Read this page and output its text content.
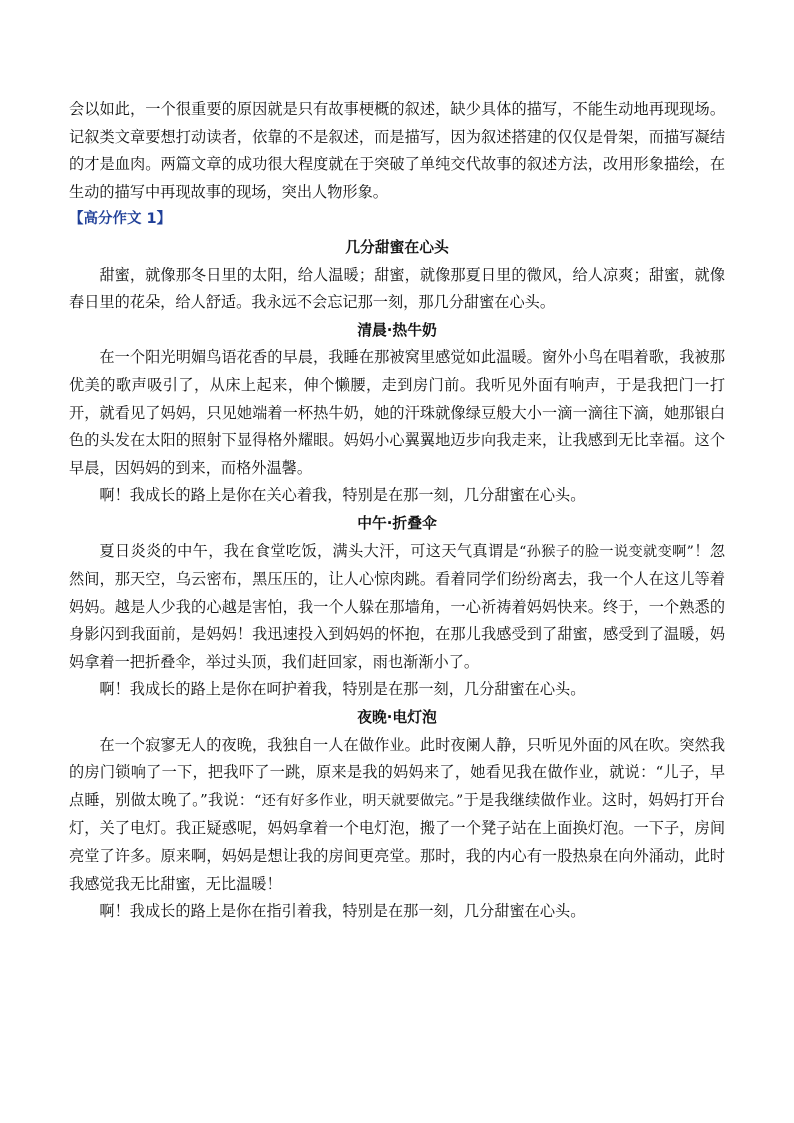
会以如此，一个很重要的原因就是只有故事梗概的叙述，缺少具体的描写，不能生动地再现现场。记叙类文章要想打动读者，依靠的不是叙述，而是描写，因为叙述搭建的仅仅是骨架，而描写凝结的才是血肉。两篇文章的成功很大程度就在于突破了单纯交代故事的叙述方法，改用形象描绘，在生动的描写中再现故事的现场，突出人物形象。

【高分作文 1】

几分甜蜜在心头

甜蜜，就像那冬日里的太阳，给人温暖；甜蜜，就像那夏日里的微风，给人凉爽；甜蜜，就像春日里的花朵，给人舒适。我永远不会忘记那一刻，那几分甜蜜在心头。

清晨·热牛奶

在一个阳光明媚鸟语花香的早晨，我睡在那被窝里感觉如此温暖。窗外小鸟在唱着歌，我被那优美的歌声吸引了，从床上起来，伸个懒腰，走到房门前。我听见外面有响声，于是我把门一打开，就看见了妈妈，只见她端着一杯热牛奶，她的汗珠就像绿豆般大小一滴一滴往下滴，她那银白色的头发在太阳的照射下显得格外耀眼。妈妈小心翼翼地迈步向我走来，让我感到无比幸福。这个早晨，因妈妈的到来，而格外温馨。

啊！我成长的路上是你在关心着我，特别是在那一刻，几分甜蜜在心头。

中午·折叠伞

夏日炎炎的中午，我在食堂吃饭，满头大汗，可这天气真谓是“孙猴子的脸一说变就变啊”！忽然间，那天空，乌云密布，黑压压的，让人心惊肉跳。看着同学们纷纷离去，我一个人在这儿等着妈妈。越是人少我的心越是害怕，我一个人躲在那墙角，一心祈祷着妈妈快来。终于，一个熟悉的身影闪到我面前，是妈妈！我迅速投入到妈妈的怀抱，在那儿我感受到了甜蜜，感受到了温暖，妈妈拿着一把折叠伞，举过头顶，我们赶回家，雨也渐渐小了。

啊！我成长的路上是你在呵护着我，特别是在那一刻，几分甜蜜在心头。

夜晚·电灯泡

在一个寂寥无人的夜晚，我独自一人在做作业。此时夜阑人静，只听见外面的风在吹。突然我的房门锁响了一下，把我吓了一跳，原来是我的妈妈来了，她看见我在做作业，就说：“儿子，早点睡，别做太晚了。”我说：“还有好多作业，明天就要做完。”于是我继续做作业。这时，妈妈打开台灯，关了电灯。我正疑惑呢，妈妈拿着一个电灯泡，搬了一个凳子站在上面换灯泡。一下子，房间亮堂了许多。原来啊，妈妈是想让我的房间更亮堂。那时，我的内心有一股热泉在向外涌动，此时我感觉我无比甜蜜，无比温暖！

啊！我成长的路上是你在指引着我，特别是在那一刻，几分甜蜜在心头。
